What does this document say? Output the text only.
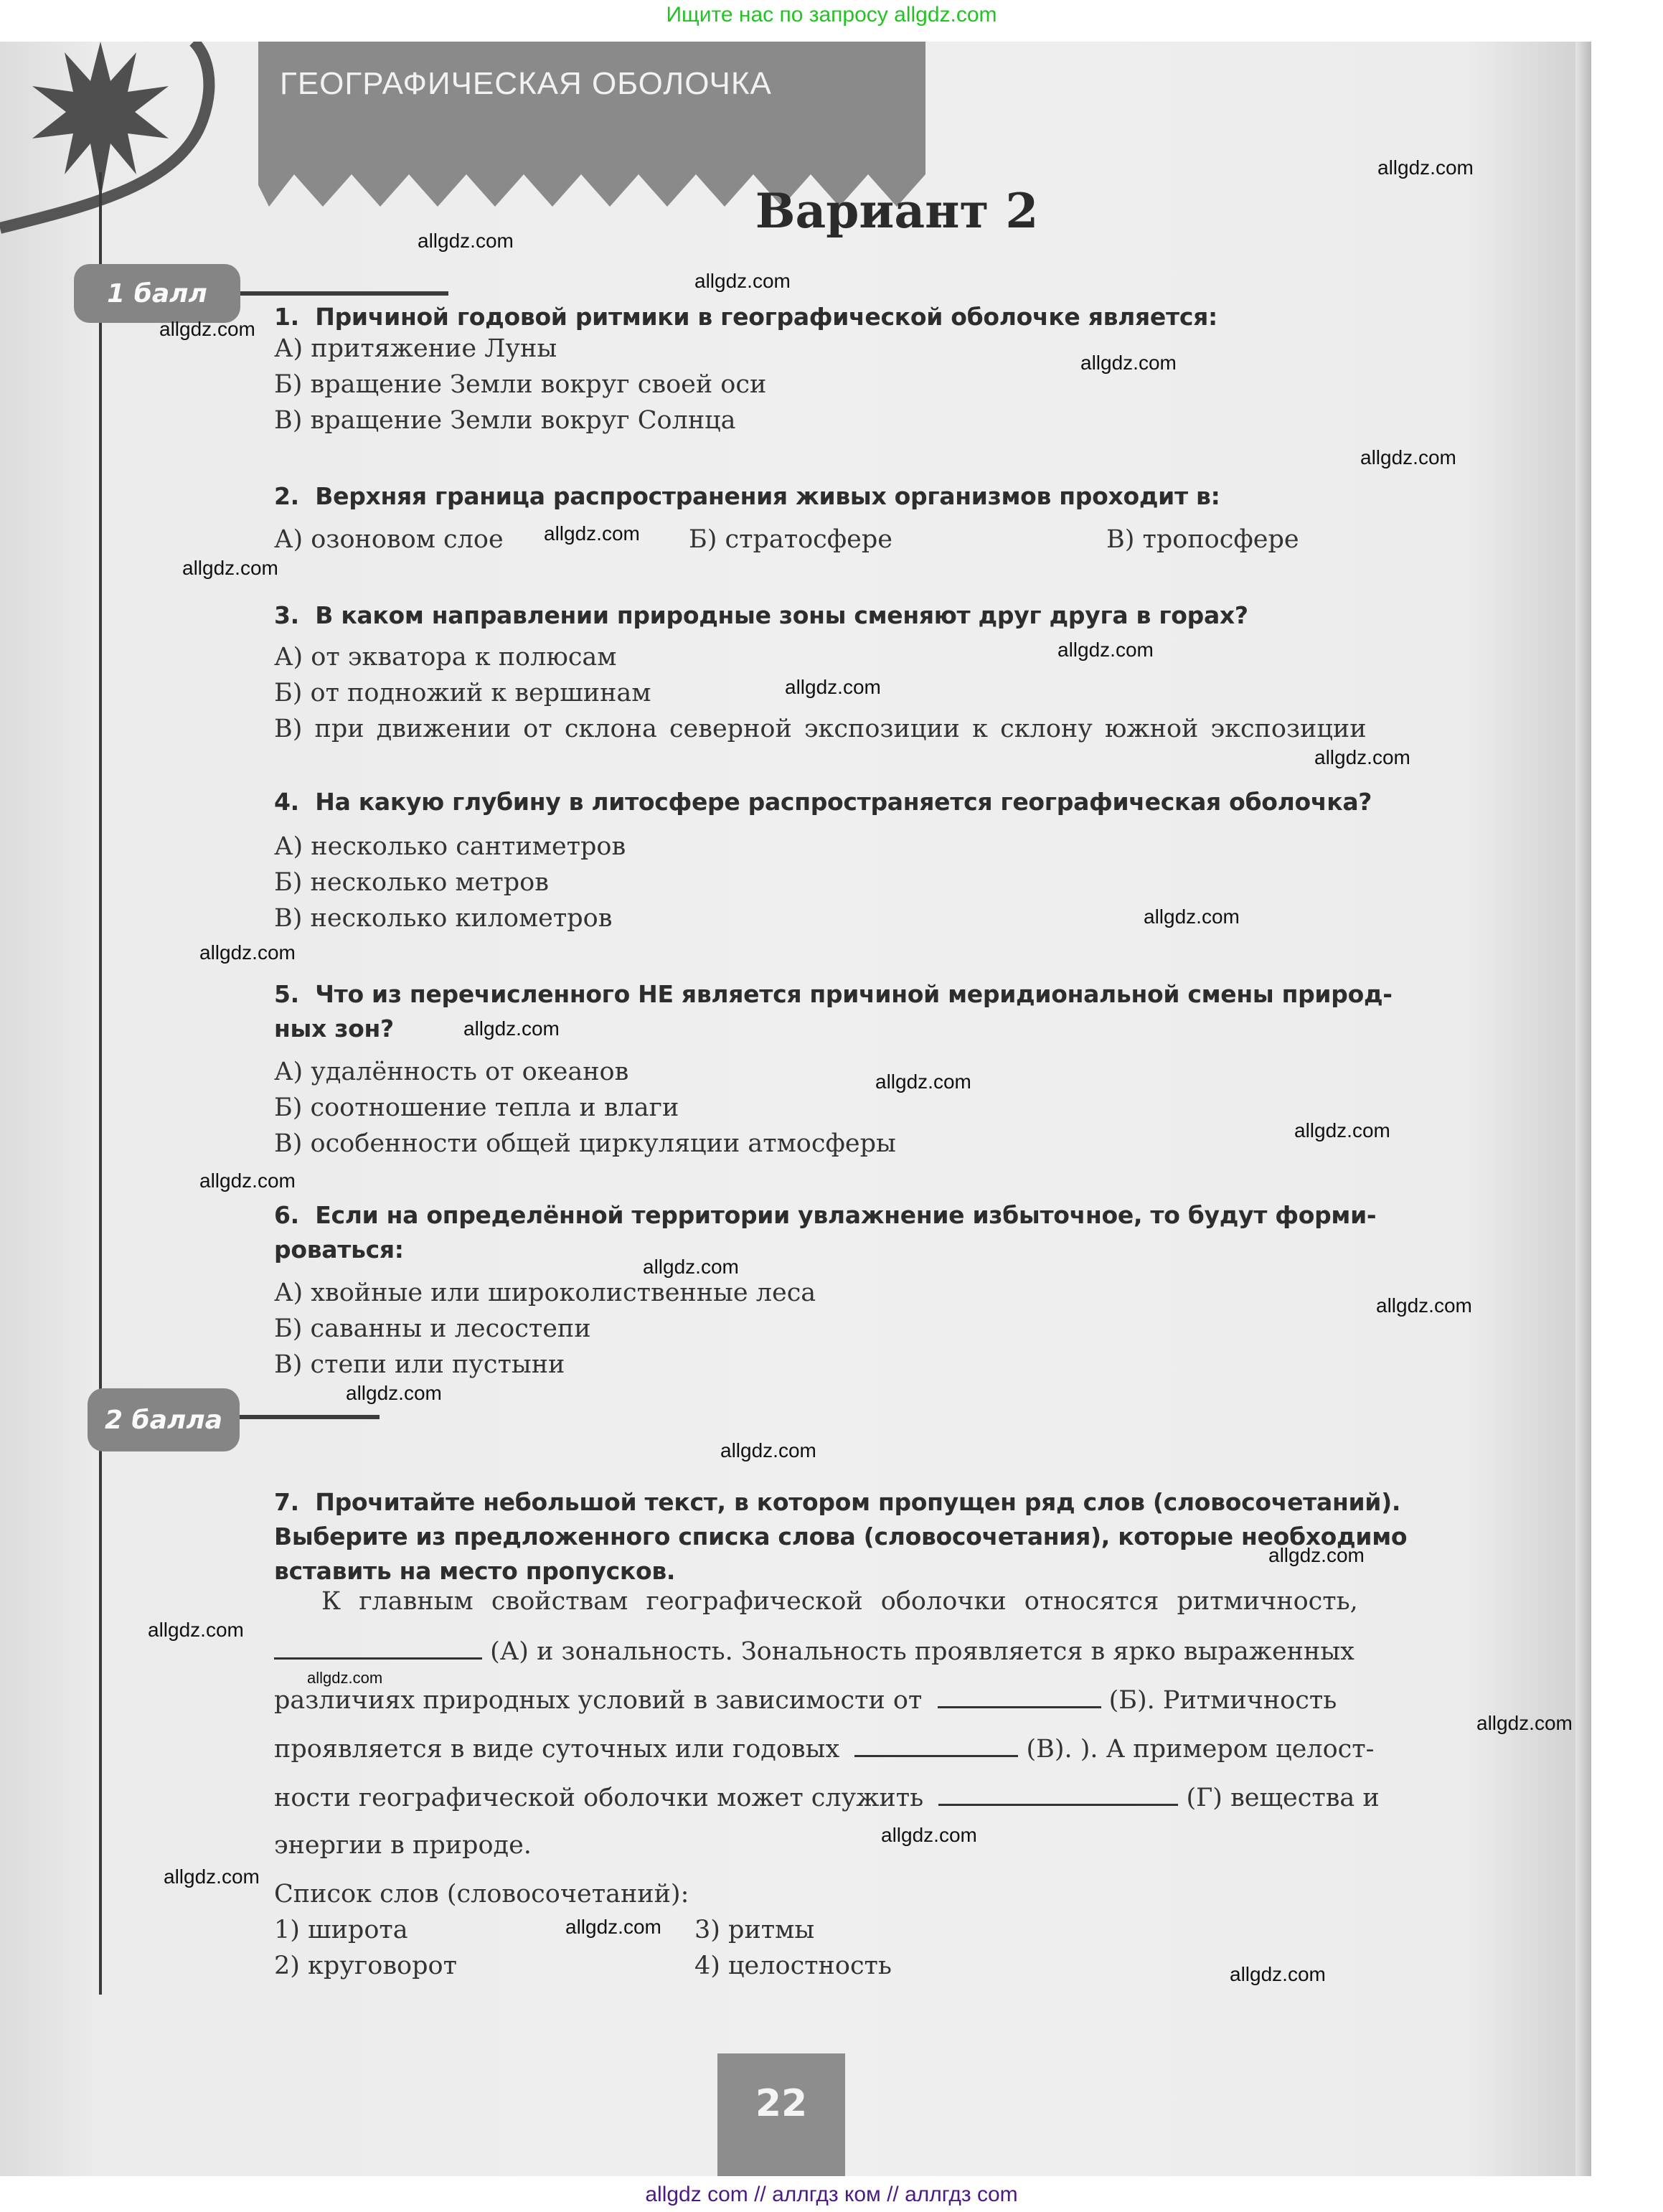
Ищите нас по запросу allgdz.com
ГЕОГРАФИЧЕСКАЯ ОБОЛОЧКА
Вариант 2
1 балл
1. Причиной годовой ритмики в географической оболочке является:
А) притяжение Луны
Б) вращение Земли вокруг своей оси
В) вращение Земли вокруг Солнца
2. Верхняя граница распространения живых организмов проходит в:
А) озоновом слое	Б) стратосфере	В) тропосфере
3. В каком направлении природные зоны сменяют друг друга в горах?
А) от экватора к полюсам
Б) от подножий к вершинам
В) при движении от склона северной экспозиции к склону южной экспозиции
4. На какую глубину в литосфере распространяется географическая оболочка?
А) несколько сантиметров
Б) несколько метров
В) несколько километров
5. Что из перечисленного НЕ является причиной меридиональной смены природ-
ных зон?
А) удалённость от океанов
Б) соотношение тепла и влаги
В) особенности общей циркуляции атмосферы
6. Если на определённой территории увлажнение избыточное, то будут форми-
роваться:
А) хвойные или широколиственные леса
Б) саванны и лесостепи
В) степи или пустыни
2 балла
7. Прочитайте небольшой текст, в котором пропущен ряд слов (словосочетаний).
Выберите из предложенного списка слова (словосочетания), которые необходимо
вставить на место пропусков.
К главным свойствам географической оболочки относятся ритмичность,
(А) и зональность. Зональность проявляется в ярко выраженных
различиях природных условий в зависимости от	(Б). Ритмичность
проявляется в виде суточных или годовых	(В). ). А примером целост-
ности географической оболочки может служить	(Г) вещества и
энергии в природе.
Список слов (словосочетаний):
1) широта
2) круговорот
3) ритмы
4) целостность
22
allgdz.com
allgdz.com
allgdz.com
allgdz.com
allgdz.com
allgdz.com
allgdz.com
allgdz.com
allgdz.com
allgdz.com
allgdz.com
allgdz.com
allgdz.com
allgdz.com
allgdz.com
allgdz.com
allgdz.com
allgdz.com
allgdz.com
allgdz.com
allgdz.com
allgdz.com
allgdz.com
allgdz.com
allgdz.com
allgdz.com
allgdz.com
allgdz.com
allgdz.com
allgdz com // аллгдз ком // аллгдз com
